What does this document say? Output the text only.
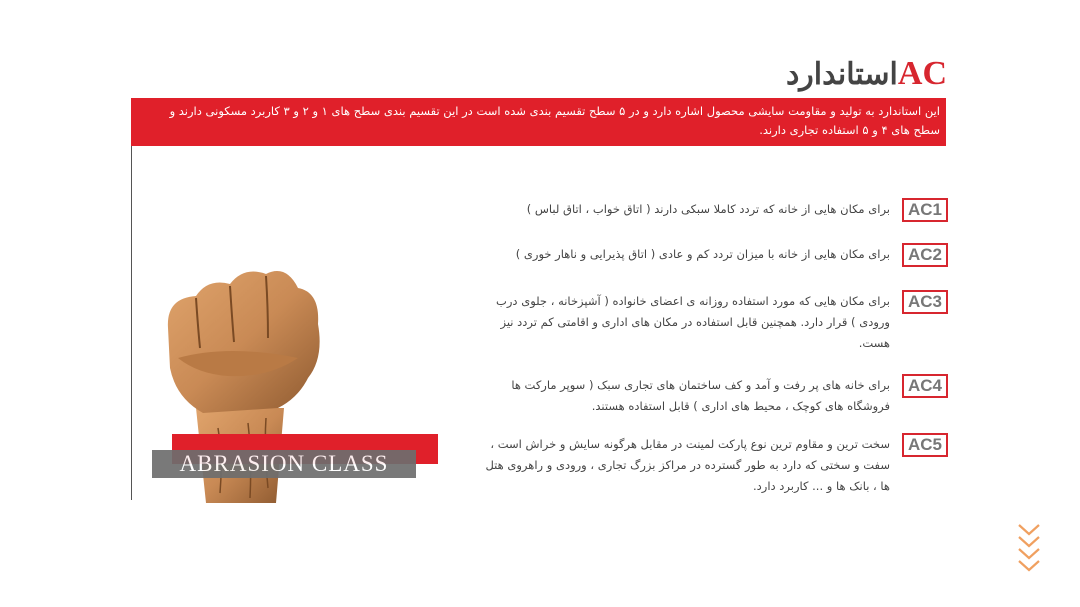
ACاستاندارد
این استاندارد به تولید و مقاومت سایشی محصول اشاره دارد و در ۵ سطح تقسیم بندی شده است در این تقسیم بندی سطح های ۱ و ۲ و ۳ کاربرد مسکونی دارند و سطح های ۴ و ۵ استفاده تجاری دارند.
ABRASION CLASS
AC1
برای مکان هایی از خانه که تردد کاملا سبکی دارند ( اتاق خواب ، اتاق لباس )
AC2
برای مکان هایی از خانه با میزان تردد کم و عادی ( اتاق پذیرایی و ناهار خوری )
AC3
برای مکان هایی که مورد استفاده روزانه ی اعضای خانواده ( آشپزخانه ، جلوی درب ورودی ) قرار دارد. همچنین قابل استفاده در مکان های اداری و اقامتی کم تردد نیز هست.
AC4
برای خانه های پر رفت و آمد و کف ساختمان های تجاری سبک ( سوپر مارکت ها فروشگاه های کوچک ، محیط های اداری ) قابل استفاده هستند.
AC5
سخت ترین و مقاوم ترین نوع پارکت لمینت در مقابل هرگونه سایش و خراش است ، سفت و سختی که دارد به طور گسترده در مراکز بزرگ تجاری ، ورودی و راهروی هتل ها ، بانک ها و ... کاربرد دارد.
